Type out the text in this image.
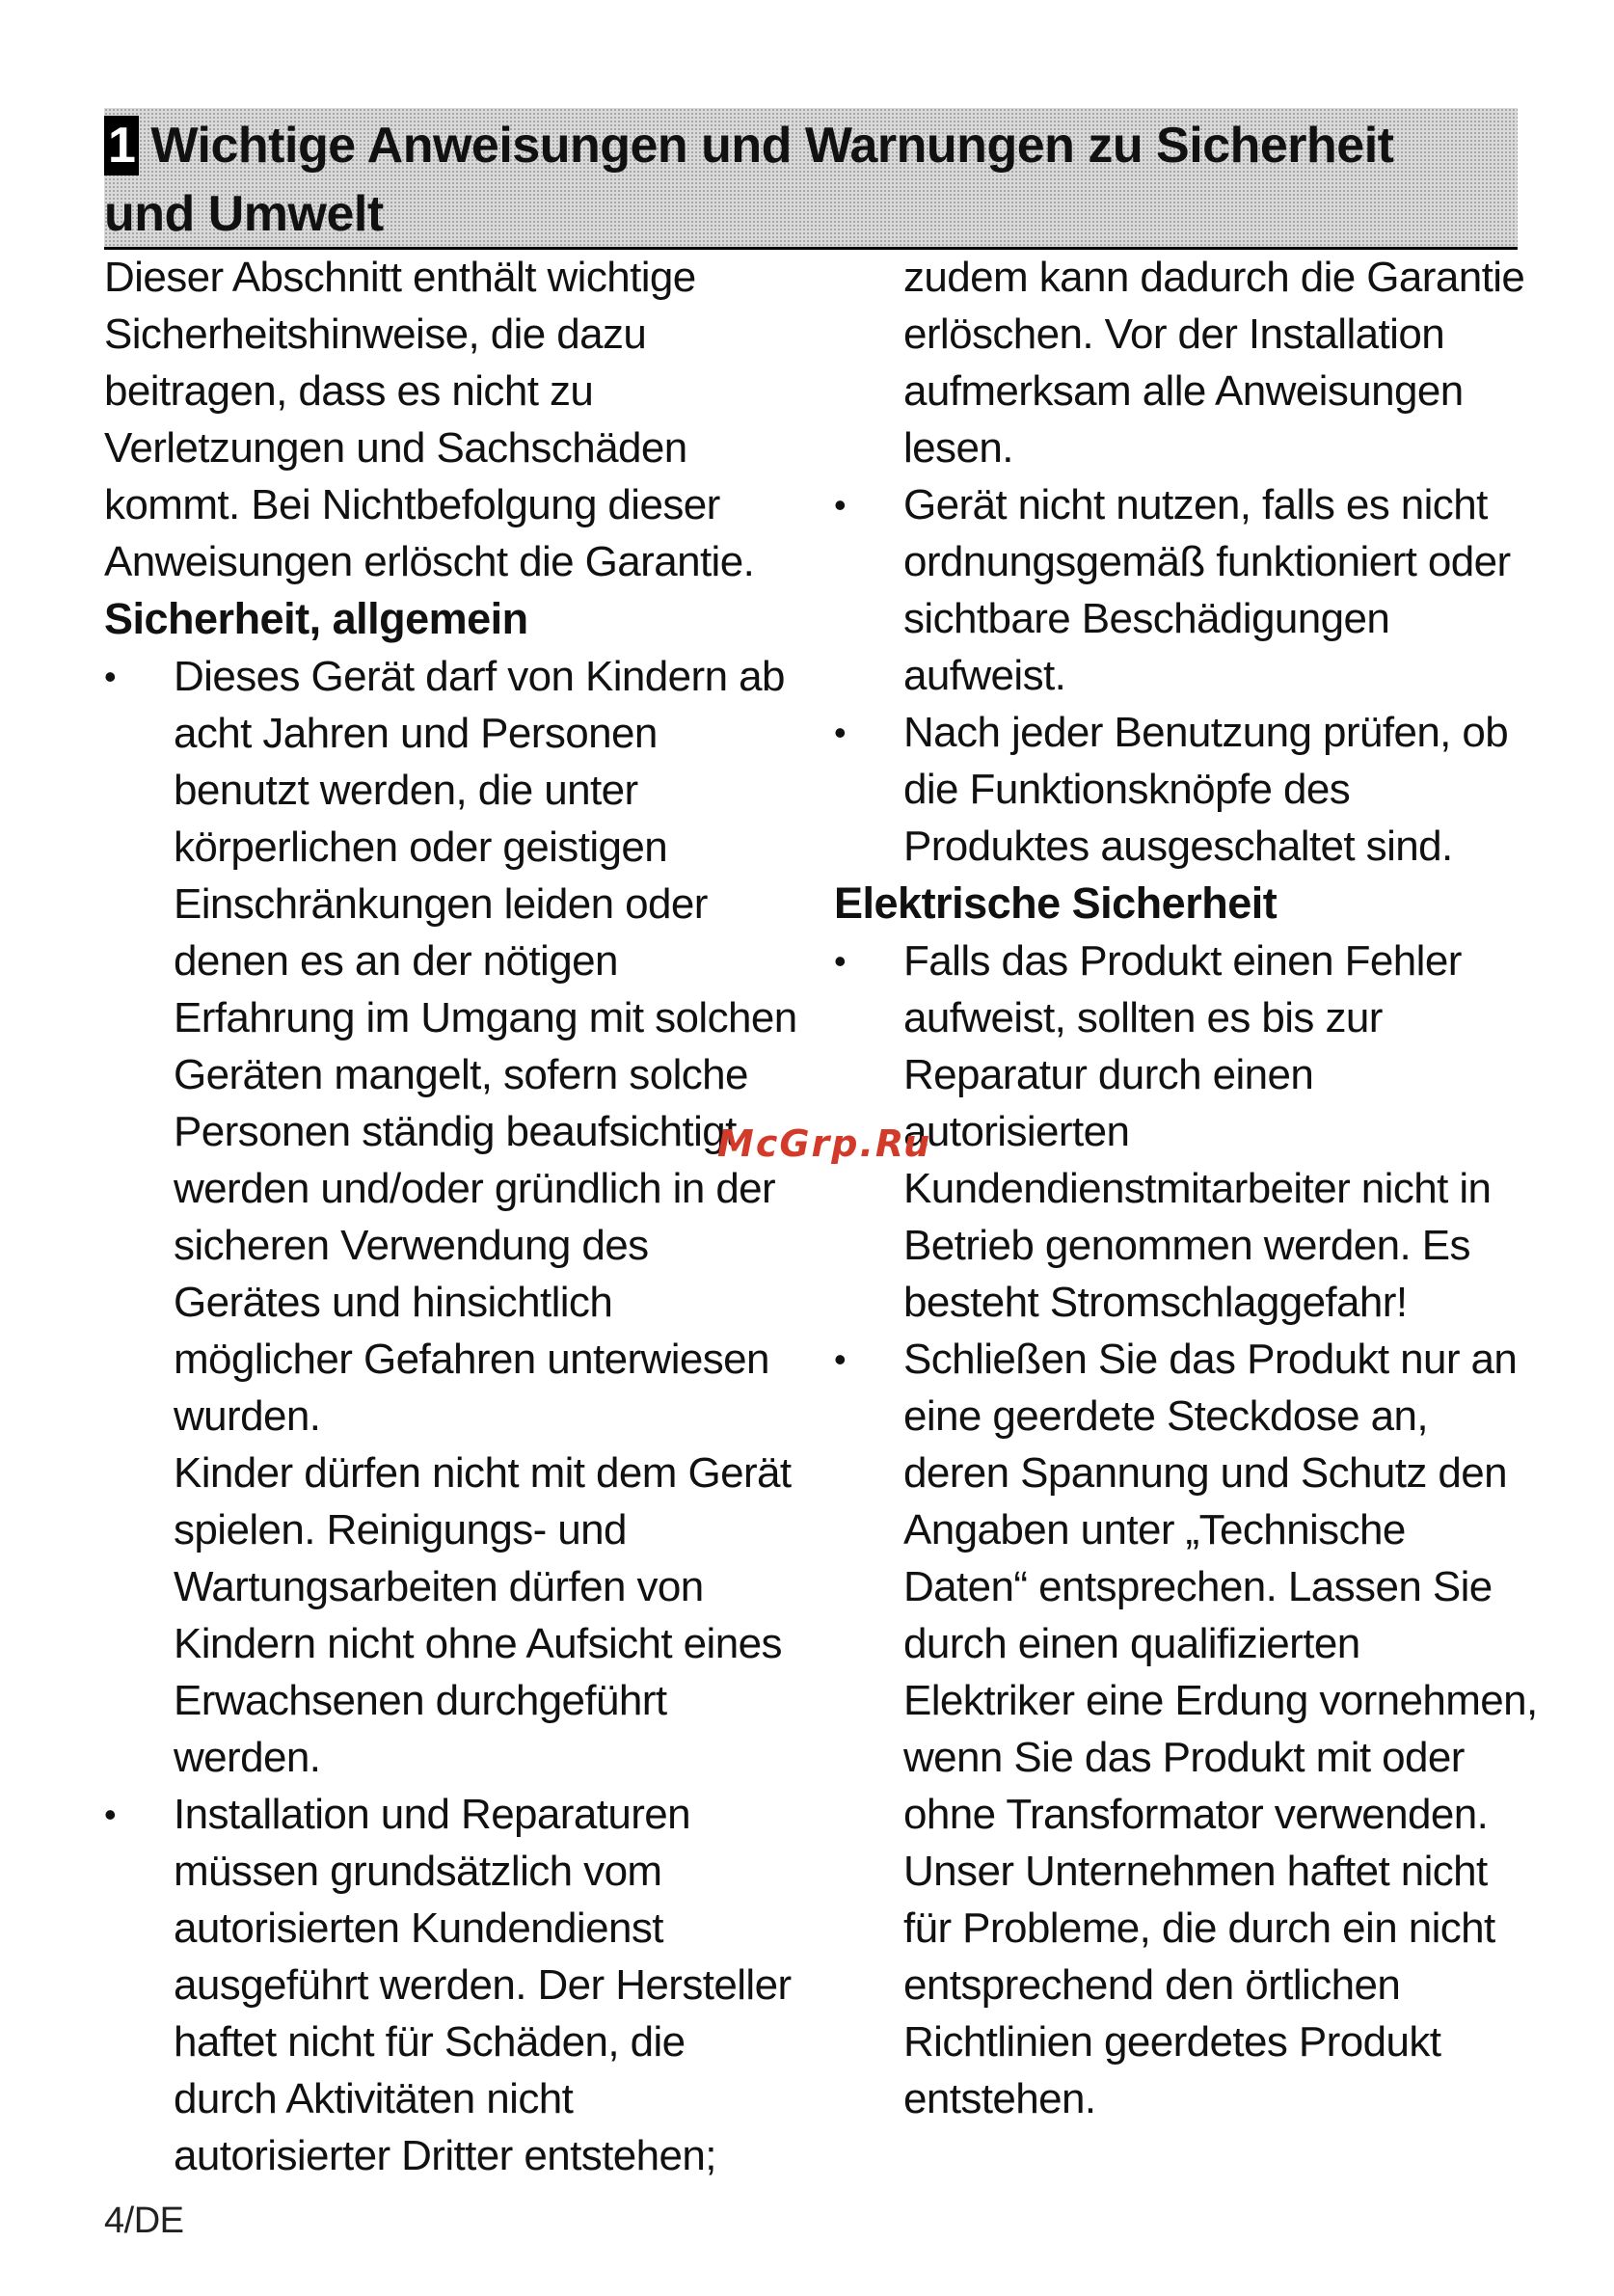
1 Wichtige Anweisungen und Warnungen zu Sicherheit und Umwelt
Dieser Abschnitt enthält wichtige
Sicherheitshinweise, die dazu
beitragen, dass es nicht zu
Verletzungen und Sachschäden
kommt. Bei Nichtbefolgung dieser
Anweisungen erlöscht die Garantie.
Sicherheit, allgemein
•	Dieses Gerät darf von Kindern ab
acht Jahren und Personen
benutzt werden, die unter
körperlichen oder geistigen
Einschränkungen leiden oder
denen es an der nötigen
Erfahrung im Umgang mit solchen
Geräten mangelt, sofern solche
Personen ständig beaufsichtigt
werden und/oder gründlich in der
sicheren Verwendung des
Gerätes und hinsichtlich
möglicher Gefahren unterwiesen
wurden.
Kinder dürfen nicht mit dem Gerät
spielen. Reinigungs- und
Wartungsarbeiten dürfen von
Kindern nicht ohne Aufsicht eines
Erwachsenen durchgeführt
werden.
•	Installation und Reparaturen
müssen grundsätzlich vom
autorisierten Kundendienst
ausgeführt werden. Der Hersteller
haftet nicht für Schäden, die
durch Aktivitäten nicht
autorisierter Dritter entstehen;
zudem kann dadurch die Garantie
erlöschen. Vor der Installation
aufmerksam alle Anweisungen
lesen.
•	Gerät nicht nutzen, falls es nicht
ordnungsgemäß funktioniert oder
sichtbare Beschädigungen
aufweist.
•	Nach jeder Benutzung prüfen, ob
die Funktionsknöpfe des
Produktes ausgeschaltet sind.
Elektrische Sicherheit
•	Falls das Produkt einen Fehler
aufweist, sollten es bis zur
Reparatur durch einen
autorisierten
Kundendienstmitarbeiter nicht in
Betrieb genommen werden. Es
besteht Stromschlaggefahr!
•	Schließen Sie das Produkt nur an
eine geerdete Steckdose an,
deren Spannung und Schutz den
Angaben unter „Technische
Daten“ entsprechen. Lassen Sie
durch einen qualifizierten
Elektriker eine Erdung vornehmen,
wenn Sie das Produkt mit oder
ohne Transformator verwenden.
Unser Unternehmen haftet nicht
für Probleme, die durch ein nicht
entsprechend den örtlichen
Richtlinien geerdetes Produkt
entstehen.
McGrp.Ru
4/DE
